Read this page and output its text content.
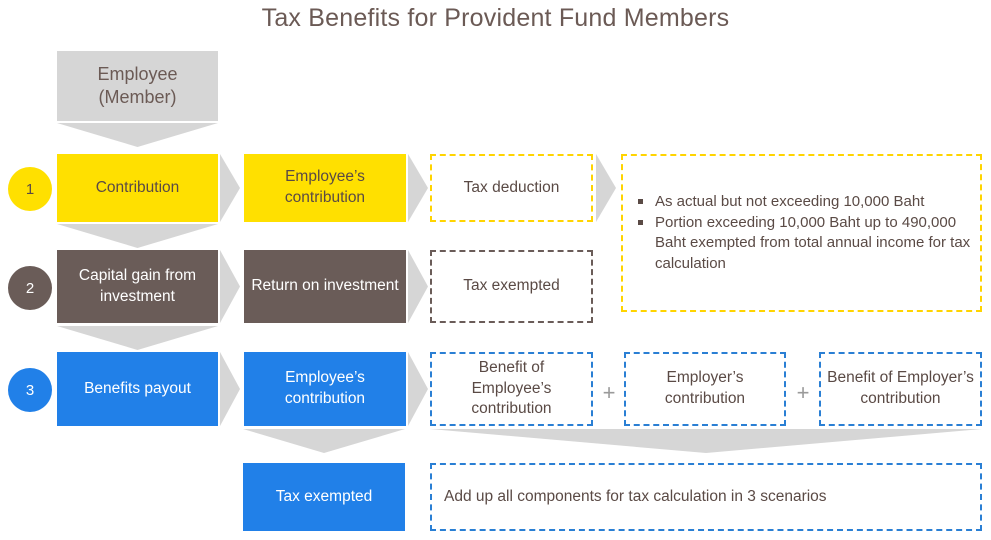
Tax Benefits for Provident Fund Members
Employee
(Member)
1	Contribution
Employee’s contribution
Tax deduction
As actual but not exceeding 10,000 Baht
Portion exceeding 10,000 Baht up to 490,000 Baht exempted from total annual income for tax calculation
2
Capital gain from investment
Return on investment	Tax exempted
3	Benefits payout
Employee’s contribution
Benefit of Employee’s contribution
+
Employer’s contribution	+
Benefit of Employer’s contribution
Tax exempted	Add up all components for tax calculation in 3 scenarios
